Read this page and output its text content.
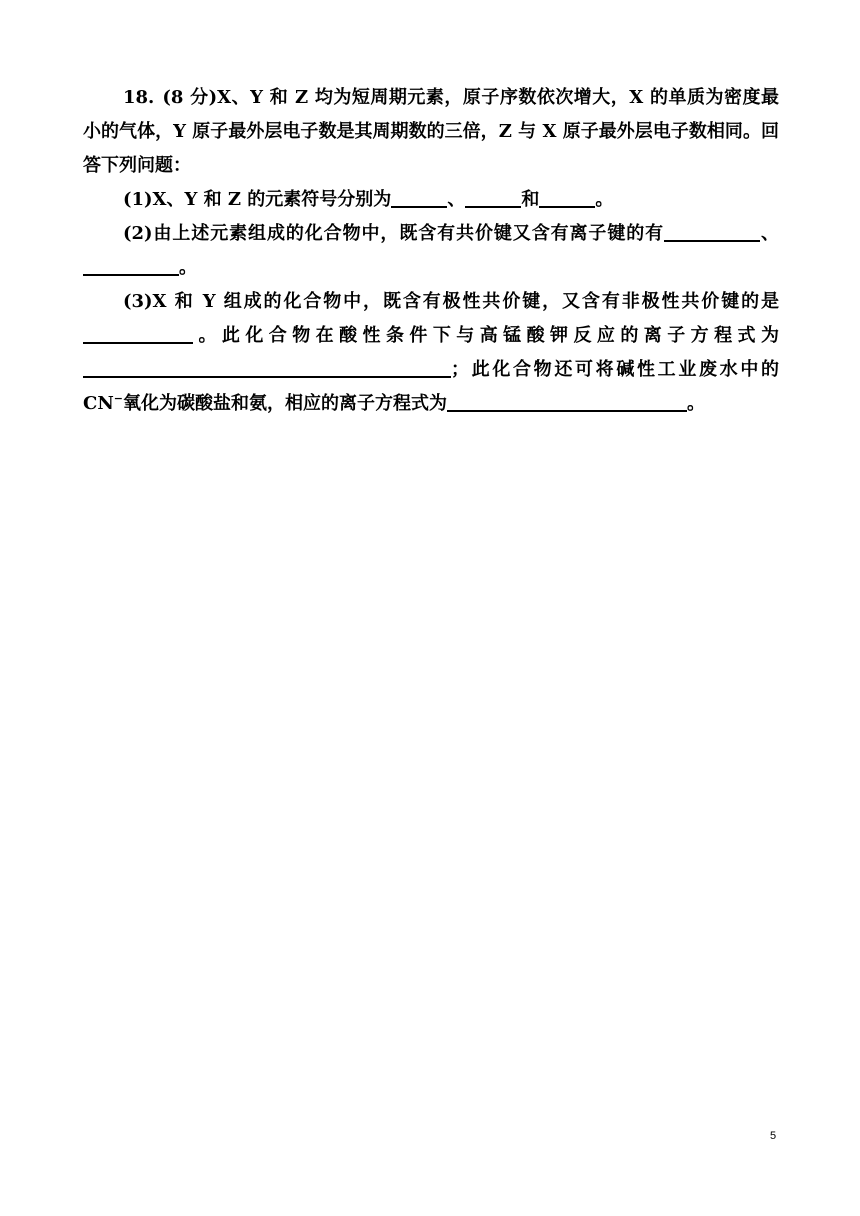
18. (8 分)X、Y 和 Z 均为短周期元素，原子序数依次增大，X 的单质为密度最小的气体，Y 原子最外层电子数是其周期数的三倍，Z 与 X 原子最外层电子数相同。回答下列问题：

(1)X、Y 和 Z 的元素符号分别为	、	和	。

(2)由上述元素组成的化合物中，既含有共价键又含有离子键的有	、。

(3)X 和 Y 组成的化合物中，既含有极性共价键，又含有非极性共价键的是。此化合物在酸性条件下与高锰酸钾反应的离子方程式为；此化合物还可将碱性工业废水中的 CN−氧化为碳酸盐和氨，相应的离子方程式为	。

5
